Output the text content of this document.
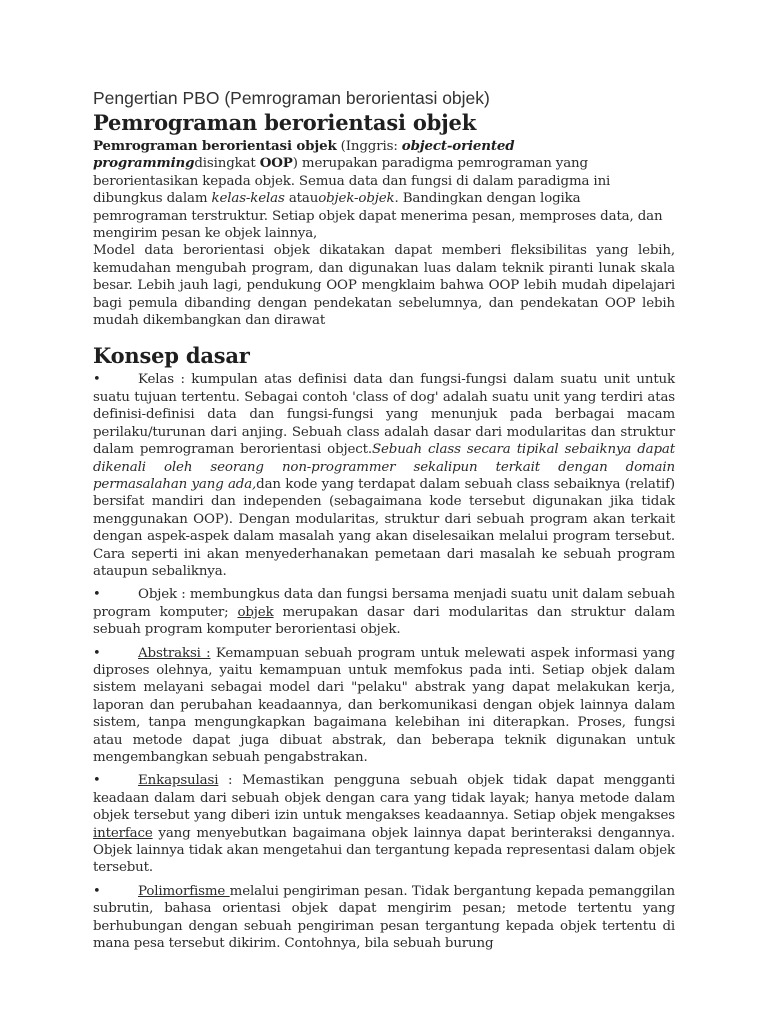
Pengertian PBO (Pemrograman berorientasi objek)
Pemrograman berorientasi objek

Pemrograman berorientasi objek (Inggris: object-oriented programmingdisingkat OOP) merupakan paradigma pemrograman yang berorientasikan kepada objek. Semua data dan fungsi di dalam paradigma ini dibungkus dalam kelas-kelas atauobjek-objek. Bandingkan dengan logika pemrograman terstruktur. Setiap objek dapat menerima pesan, memproses data, dan mengirim pesan ke objek lainnya,

Model data berorientasi objek dikatakan dapat memberi fleksibilitas yang lebih, kemudahan mengubah program, dan digunakan luas dalam teknik piranti lunak skala besar. Lebih jauh lagi, pendukung OOP mengklaim bahwa OOP lebih mudah dipelajari bagi pemula dibanding dengan pendekatan sebelumnya, dan pendekatan OOP lebih mudah dikembangkan dan dirawat

Konsep dasar
•	Kelas : kumpulan atas definisi data dan fungsi-fungsi dalam suatu unit untuk suatu tujuan tertentu. Sebagai contoh 'class of dog' adalah suatu unit yang terdiri atas definisi-definisi data dan fungsi-fungsi yang menunjuk pada berbagai macam perilaku/turunan dari anjing. Sebuah class adalah dasar dari modularitas dan struktur dalam pemrograman berorientasi object.Sebuah class secara tipikal sebaiknya dapat dikenali oleh seorang non-programmer sekalipun terkait dengan domain permasalahan yang ada,dan kode yang terdapat dalam sebuah class sebaiknya (relatif) bersifat mandiri dan independen (sebagaimana kode tersebut digunakan jika tidak menggunakan OOP). Dengan modularitas, struktur dari sebuah program akan terkait dengan aspek-aspek dalam masalah yang akan diselesaikan melalui program tersebut. Cara seperti ini akan menyederhanakan pemetaan dari masalah ke sebuah program ataupun sebaliknya.
•	Objek : membungkus data dan fungsi bersama menjadi suatu unit dalam sebuah program komputer; objek merupakan dasar dari modularitas dan struktur dalam sebuah program komputer berorientasi objek.
•	Abstraksi : Kemampuan sebuah program untuk melewati aspek informasi yang diproses olehnya, yaitu kemampuan untuk memfokus pada inti. Setiap objek dalam sistem melayani sebagai model dari "pelaku" abstrak yang dapat melakukan kerja, laporan dan perubahan keadaannya, dan berkomunikasi dengan objek lainnya dalam sistem, tanpa mengungkapkan bagaimana kelebihan ini diterapkan. Proses, fungsi atau metode dapat juga dibuat abstrak, dan beberapa teknik digunakan untuk mengembangkan sebuah pengabstrakan.
•	Enkapsulasi : Memastikan pengguna sebuah objek tidak dapat mengganti keadaan dalam dari sebuah objek dengan cara yang tidak layak; hanya metode dalam objek tersebut yang diberi izin untuk mengakses keadaannya. Setiap objek mengakses interface yang menyebutkan bagaimana objek lainnya dapat berinteraksi dengannya. Objek lainnya tidak akan mengetahui dan tergantung kepada representasi dalam objek tersebut.
•	Polimorfisme melalui pengiriman pesan. Tidak bergantung kepada pemanggilan subrutin, bahasa orientasi objek dapat mengirim pesan; metode tertentu yang berhubungan dengan sebuah pengiriman pesan tergantung kepada objek tertentu di mana pesa tersebut dikirim. Contohnya, bila sebuah burung
